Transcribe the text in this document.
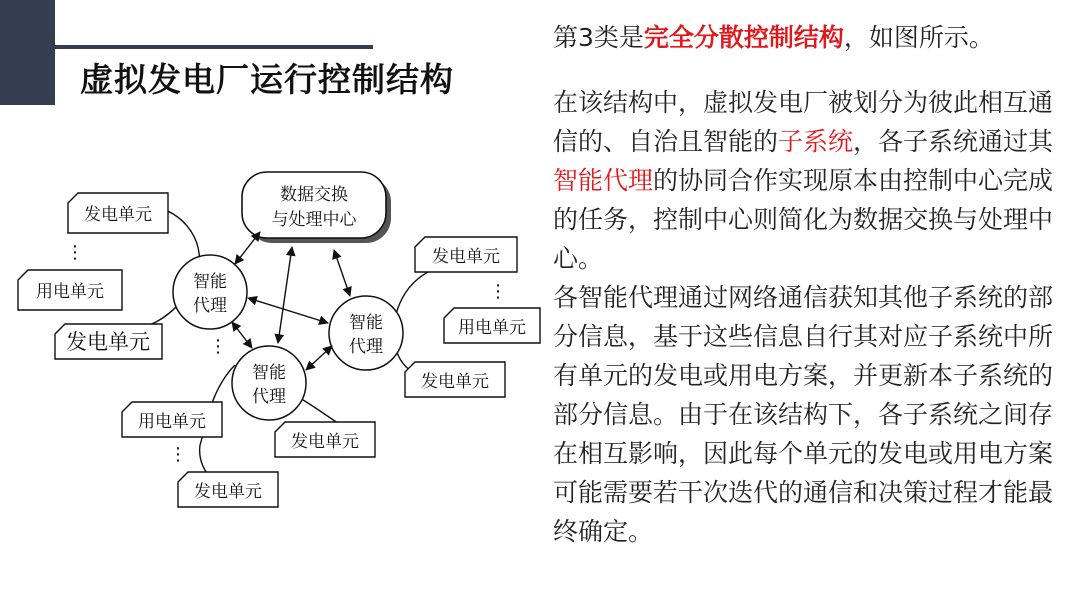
虚拟发电厂运行控制结构
数据交换
与处理中心
智能
代理
智能
代理
智能
代理
发电单元
⋮
用电单元
发电单元
发电单元
⋮
用电单元
发电单元
⋮
用电单元
⋮
发电单元
发电单元

第3类是完全分散控制结构，如图所示。

在该结构中，虚拟发电厂被划分为彼此相互通信的、自治且智能的子系统，各子系统通过其智能代理的协同合作实现原本由控制中心完成的任务，控制中心则简化为数据交换与处理中心。

各智能代理通过网络通信获知其他子系统的部分信息，基于这些信息自行其对应子系统中所有单元的发电或用电方案，并更新本子系统的部分信息。由于在该结构下，各子系统之间存在相互影响，因此每个单元的发电或用电方案可能需要若干次迭代的通信和决策过程才能最终确定。
